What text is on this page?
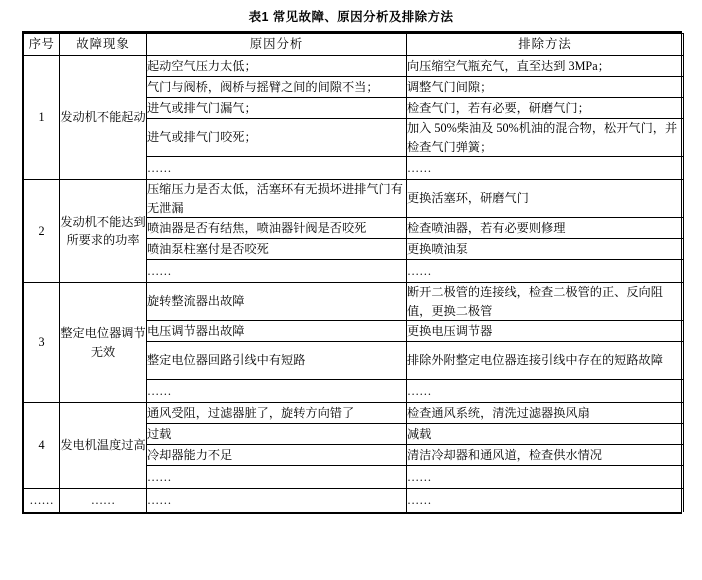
表1 常见故障、原因分析及排除方法
序号	故障现象	原因分析	排除方法
1	发动机不能起动	起动空气压力太低；	向压缩空气瓶充气，直至达到 3MPa；
		气门与阀桥，阀桥与摇臂之间的间隙不当；	调整气门间隙；
		进气或排气门漏气；	检查气门，若有必要，研磨气门；
		进气或排气门咬死；	加入 50%柴油及 50%机油的混合物，松开气门，并检查气门弹簧；
		……	……
2	发动机不能达到所要求的功率	压缩压力是否太低，活塞环有无损坏进排气门有无泄漏	更换活塞环，研磨气门
		喷油器是否有结焦，喷油器针阀是否咬死	检查喷油器，若有必要则修理
		喷油泵柱塞付是否咬死	更换喷油泵
		……	……
3	整定电位器调节无效	旋转整流器出故障	断开二极管的连接线，检查二极管的正、反向阻值，更换二极管
		电压调节器出故障	更换电压调节器
		整定电位器回路引线中有短路	排除外附整定电位器连接引线中存在的短路故障
		……	……
4	发电机温度过高	通风受阻，过滤器脏了，旋转方向错了	检查通风系统，清洗过滤器换风扇
		过载	减载
		冷却器能力不足	清洁冷却器和通风道，检查供水情况
		……	……
……	……	……	……
